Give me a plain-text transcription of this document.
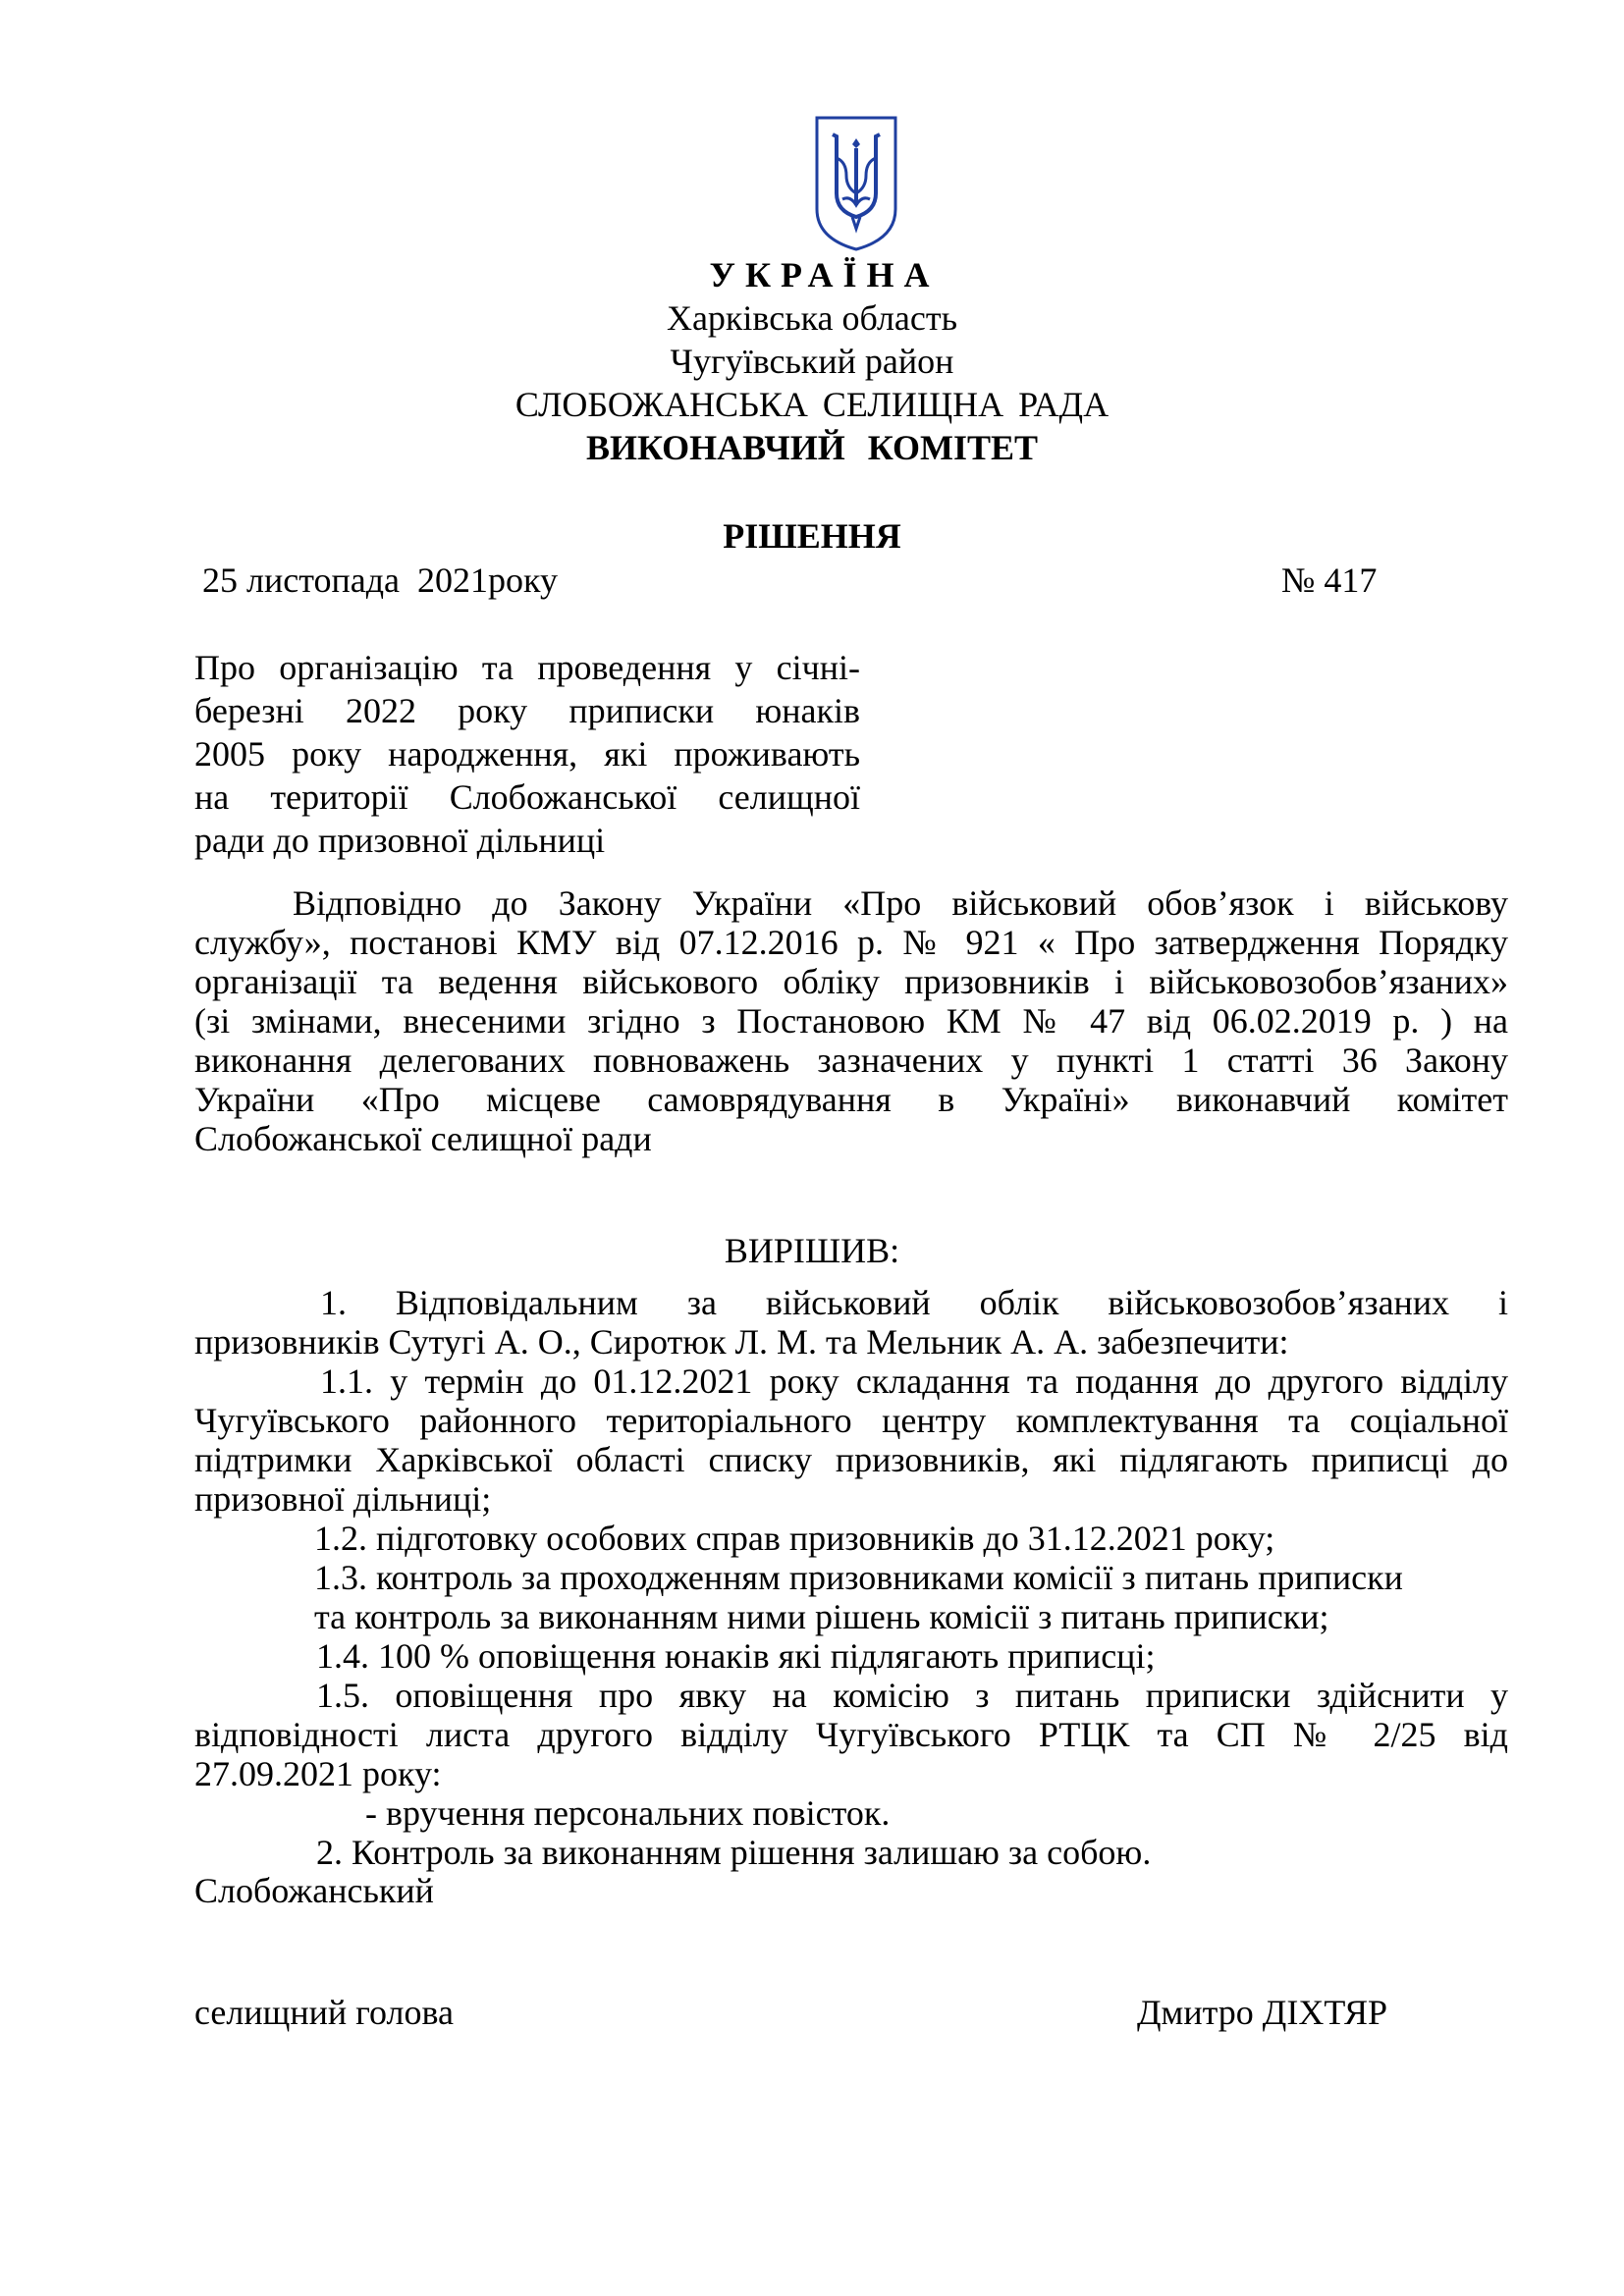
УКРАЇНА
Харківська область
Чугуївський район
СЛОБОЖАНСЬКА СЕЛИЩНА РАДА
ВИКОНАВЧИЙ КОМІТЕТ
РІШЕННЯ
25 листопада  2021року	№ 417
Про організацію та проведення у січні-
березні 2022 року приписки юнаків
2005 року народження, які проживають
на території Слобожанської селищної
ради до призовної дільниці
Відповідно до Закону України «Про військовий обов’язок і військову
службу», постанові КМУ від 07.12.2016 р. № 921 « Про затвердження Порядку
організації та ведення військового обліку призовників і військовозобов’язаних»
(зі змінами, внесеними згідно з Постановою КМ № 47 від 06.02.2019 р. ) на
виконання делегованих повноважень зазначених у пункті 1 статті 36 Закону
України «Про місцеве самоврядування в Україні» виконавчий комітет
Слобожанської селищної ради
ВИРІШИВ:
1. Відповідальним за військовий облік військовозобов’язаних і
призовників Сутугі А. О., Сиротюк Л. М. та Мельник А. А. забезпечити:
1.1. у термін до 01.12.2021 року складання та подання до другого відділу
Чугуївського районного територіального центру комплектування та соціальної
підтримки Харківської області списку призовників, які підлягають приписці до
призовної дільниці;
1.2. підготовку особових справ призовників до 31.12.2021 року;
1.3. контроль за проходженням призовниками комісії з питань приписки
та контроль за виконанням ними рішень комісії з питань приписки;
1.4. 100 % оповіщення юнаків які підлягають приписці;
1.5. оповіщення про явку на комісію з питань приписки здійснити у
відповідності листа другого відділу Чугуївського РТЦК та СП № 2/25 від
27.09.2021 року:
- вручення персональних повісток.
2. Контроль за виконанням рішення залишаю за собою.
Слобожанський
селищний голова	Дмитро ДІХТЯР
